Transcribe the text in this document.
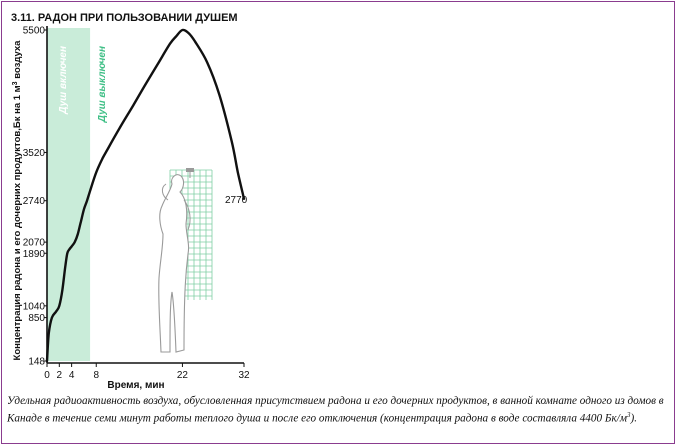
3.11. РАДОН ПРИ ПОЛЬЗОВАНИИ ДУШЕМ
Душ включен	Душ выключен
148
850
1040
1890
2070
2740
3520
5500
0 2 4 8	22	32
2770
Время, мин
Концентрация радона и его дочерних продуктов,Бк на 1 $м^3$ воздуха

Удельная радиоактивность воздуха, обусловленная присутствием радона и его дочерних продуктов, в ванной комнате одного из домов в Канаде в течение семи минут работы теплого душа и после его отключения (концентрация радона в воде составляла 4400 $Бк/м^3$).
